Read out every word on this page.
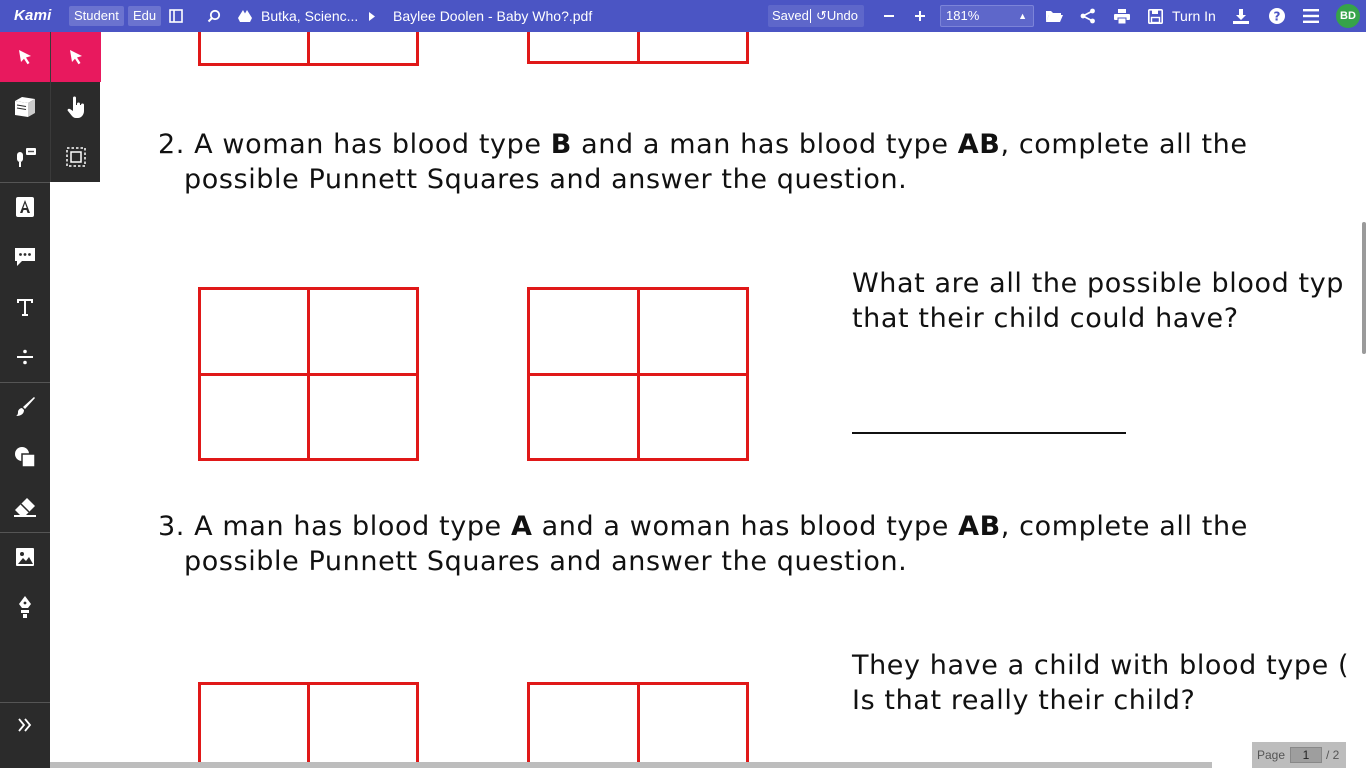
Kami	Student	Edu	Butka, Scienc... Baylee Doolen - Baby Who?.pdf	Saved ↺Undo	181%	▲	Turn In	?	BD
2. A woman has blood type B and a man has blood type AB, complete all the
possible Punnett Squares and answer the question.
What are all the possible blood typ
that their child could have?
3. A man has blood type A and a woman has blood type AB, complete all the
possible Punnett Squares and answer the question.
They have a child with blood type (
Is that really their child?
Page	1	/ 2
